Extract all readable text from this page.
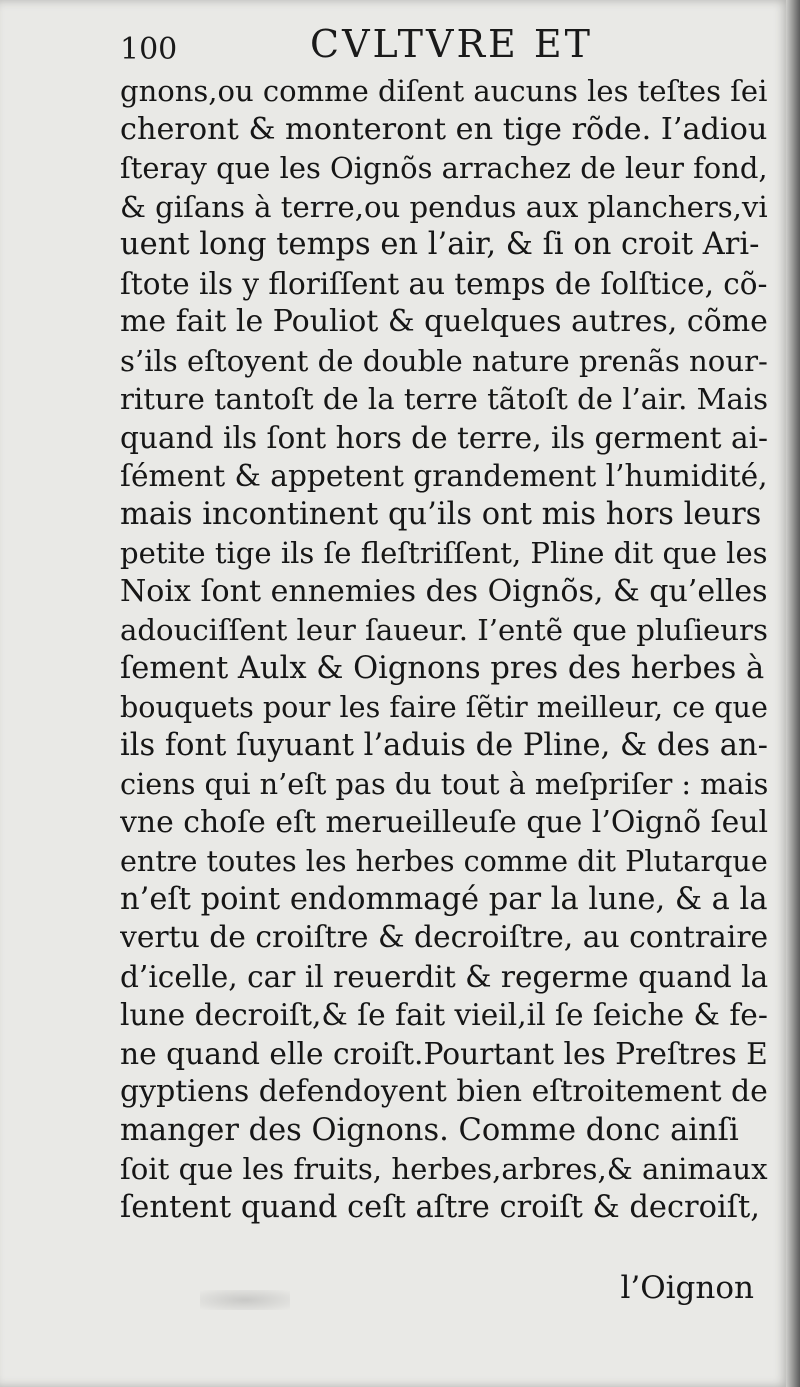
100	CVLTVRE ET
gnons,ou comme diſent aucuns les teſtes ſei
cheront & monteront en tige rõde. I’adiou
ſteray que les Oignõs arrachez de leur fond,
& giſans à terre,ou pendus aux planchers,vi
uent long temps en l’air, & ſi on croit Ari-
ſtote ils y floriſſent au temps de ſolſtice, cõ-
me fait le Pouliot & quelques autres, cõme
s’ils eſtoyent de double nature prenãs nour-
riture tantoſt de la terre tãtoſt de l’air. Mais
quand ils ſont hors de terre, ils germent ai-
ſément & appetent grandement l’humidité,
mais incontinent qu’ils ont mis hors leurs
petite tige ils ſe fleſtriſſent, Pline dit que les
Noix ſont ennemies des Oignõs, & qu’elles
adouciſſent leur ſaueur. I’entẽ que pluſieurs
ſement Aulx & Oignons pres des herbes à
bouquets pour les faire ſẽtir meilleur, ce que
ils font ſuyuant l’aduis de Pline, & des an-
ciens qui n’eſt pas du tout à meſpriſer : mais
vne choſe eſt merueilleuſe que l’Oignõ ſeul
entre toutes les herbes comme dit Plutarque
n’eſt point endommagé par la lune, & a la
vertu de croiſtre & decroiſtre, au contraire
d’icelle, car il reuerdit & regerme quand la
lune decroiſt,& ſe fait vieil,il ſe ſeiche & fe-
ne quand elle croiſt.Pourtant les Preſtres E
gyptiens defendoyent bien eſtroitement de
manger des Oignons. Comme donc ainſi
ſoit que les fruits, herbes,arbres,& animaux
ſentent quand ceſt aſtre croiſt & decroiſt,
l’Oignon
